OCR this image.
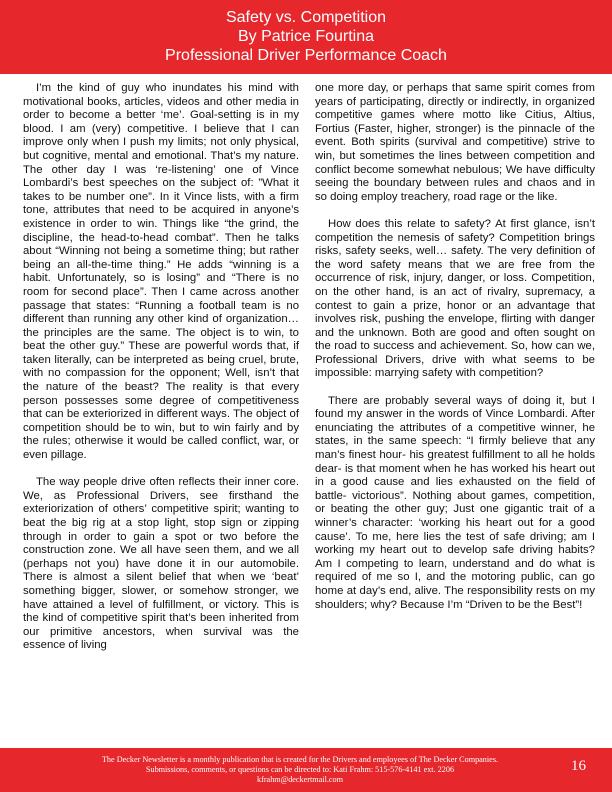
Safety vs. Competition
By Patrice Fourtina
Professional Driver Performance Coach

I’m the kind of guy who inundates his mind with motivational books, articles, videos and other media in order to become a better ‘me’. Goal-setting is in my blood. I am (very) competitive. I believe that I can improve only when I push my limits; not only physical, but cognitive, mental and emotional. That’s my nature. The other day I was ‘re-listening’ one of Vince Lombardi’s best speeches on the subject of: ”What it takes to be number one”. In it Vince lists, with a firm tone, attributes that need to be acquired in anyone’s existence in order to win. Things like “the grind, the discipline, the head-to-head combat”. Then he talks about “Winning not being a sometime thing; but rather being an all-the-time thing.” He adds “winning is a habit. Unfortunately, so is losing” and “There is no room for second place”. Then I came across another passage that states: “Running a football team is no different than running any other kind of organization… the principles are the same. The object is to win, to beat the other guy.” These are powerful words that, if taken literally, can be interpreted as being cruel, brute, with no compassion for the opponent; Well, isn’t that the nature of the beast? The reality is that every person possesses some degree of competitiveness that can be exteriorized in different ways. The object of competition should be to win, but to win fairly and by the rules; otherwise it would be called conflict, war, or even pillage.

The way people drive often reflects their inner core. We, as Professional Drivers, see firsthand the exteriorization of others’ competitive spirit; wanting to beat the big rig at a stop light, stop sign or zipping through in order to gain a spot or two before the construction zone. We all have seen them, and we all (perhaps not you) have done it in our automobile. There is almost a silent belief that when we ‘beat’ something bigger, slower, or somehow stronger, we have attained a level of fulfillment, or victory. This is the kind of competitive spirit that’s been inherited from our primitive ancestors, when survival was the essence of living

one more day, or perhaps that same spirit comes from years of participating, directly or indirectly, in organized competitive games where motto like Citius, Altius, Fortius (Faster, higher, stronger) is the pinnacle of the event. Both spirits (survival and competitive) strive to win, but sometimes the lines between competition and conflict become somewhat nebulous; We have difficulty seeing the boundary between rules and chaos and in so doing employ treachery, road rage or the like.

How does this relate to safety? At first glance, isn’t competition the nemesis of safety? Competition brings risks, safety seeks, well… safety. The very definition of the word safety means that we are free from the occurrence of risk, injury, danger, or loss. Competition, on the other hand, is an act of rivalry, supremacy, a contest to gain a prize, honor or an advantage that involves risk, pushing the envelope, flirting with danger and the unknown. Both are good and often sought on the road to success and achievement. So, how can we, Professional Drivers, drive with what seems to be impossible: marrying safety with competition?

There are probably several ways of doing it, but I found my answer in the words of Vince Lombardi. After enunciating the attributes of a competitive winner, he states, in the same speech: “I firmly believe that any man’s finest hour- his greatest fulfillment to all he holds dear- is that moment when he has worked his heart out in a good cause and lies exhausted on the field of battle- victorious”. Nothing about games, competition, or beating the other guy; Just one gigantic trait of a winner’s character: ‘working his heart out for a good cause’. To me, here lies the test of safe driving; am I working my heart out to develop safe driving habits? Am I competing to learn, understand and do what is required of me so I, and the motoring public, can go home at day’s end, alive. The responsibility rests on my shoulders; why? Because I’m “Driven to be the Best”!

The Decker Newsletter is a monthly publication that is created for the Drivers and employees of The Decker Companies.
Submissions, comments, or questions can be directed to: Kati Frahm: 515-576-4141 ext. 2206
kfrahm@deckertmail.com
16
